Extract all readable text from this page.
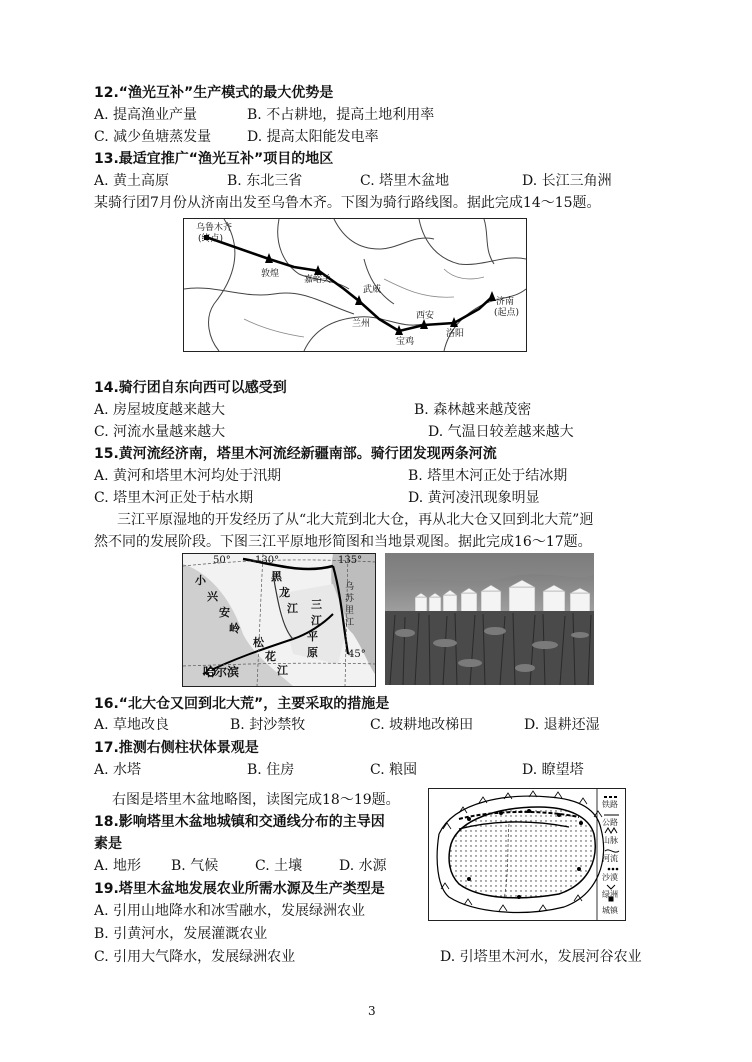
12.“渔光互补”生产模式的最大优势是
A. 提高渔业产量	B. 不占耕地，提高土地利用率
C. 减少鱼塘蒸发量	D. 提高太阳能发电率
13.最适宜推广“渔光互补”项目的地区
A. 黄土高原	B. 东北三省	C. 塔里木盆地	D. 长江三角洲
某骑行团7月份从济南出发至乌鲁木齐。下图为骑行路线图。据此完成14～15题。
乌鲁木齐
(终点)
敦煌
嘉峪关
武威
兰州
宝鸡
西安
洛阳
济南
(起点)
14.骑行团自东向西可以感受到
A. 房屋坡度越来越大	B. 森林越来越茂密
C. 河流水量越来越大	D. 气温日较差越来越大
15.黄河流经济南，塔里木河流经新疆南部。骑行团发现两条河流
A. 黄河和塔里木河均处于汛期	B. 塔里木河正处于结冰期
C. 塔里木河正处于枯水期	D. 黄河凌汛现象明显
三江平原湿地的开发经历了从“北大荒到北大仓，再从北大仓又回到北大荒”迥
然不同的发展阶段。下图三江平原地形简图和当地景观图。据此完成16～17题。
50° 130°	135°
小
兴
安
岭
黑
龙
江
松
花
江
三
江
平
原
乌
苏
里
江
45°
哈尔滨
16.“北大仓又回到北大荒”，主要采取的措施是
A. 草地改良	B. 封沙禁牧	C. 坡耕地改梯田	D. 退耕还湿
17.推测右侧柱状体景观是
A. 水塔	B. 住房	C. 粮囤	D. 瞭望塔
右图是塔里木盆地略图，读图完成18～19题。	铁路
公路
山脉
河流
沙漠
绿洲
城镇
18.影响塔里木盆地城镇和交通线分布的主导因
素是
A. 地形 B. 气候	C. 土壤	D. 水源
19.塔里木盆地发展农业所需水源及生产类型是
A. 引用山地降水和冰雪融水，发展绿洲农业
B. 引黄河水，发展灌溉农业
C. 引用大气降水，发展绿洲农业	D. 引塔里木河水，发展河谷农业
3
